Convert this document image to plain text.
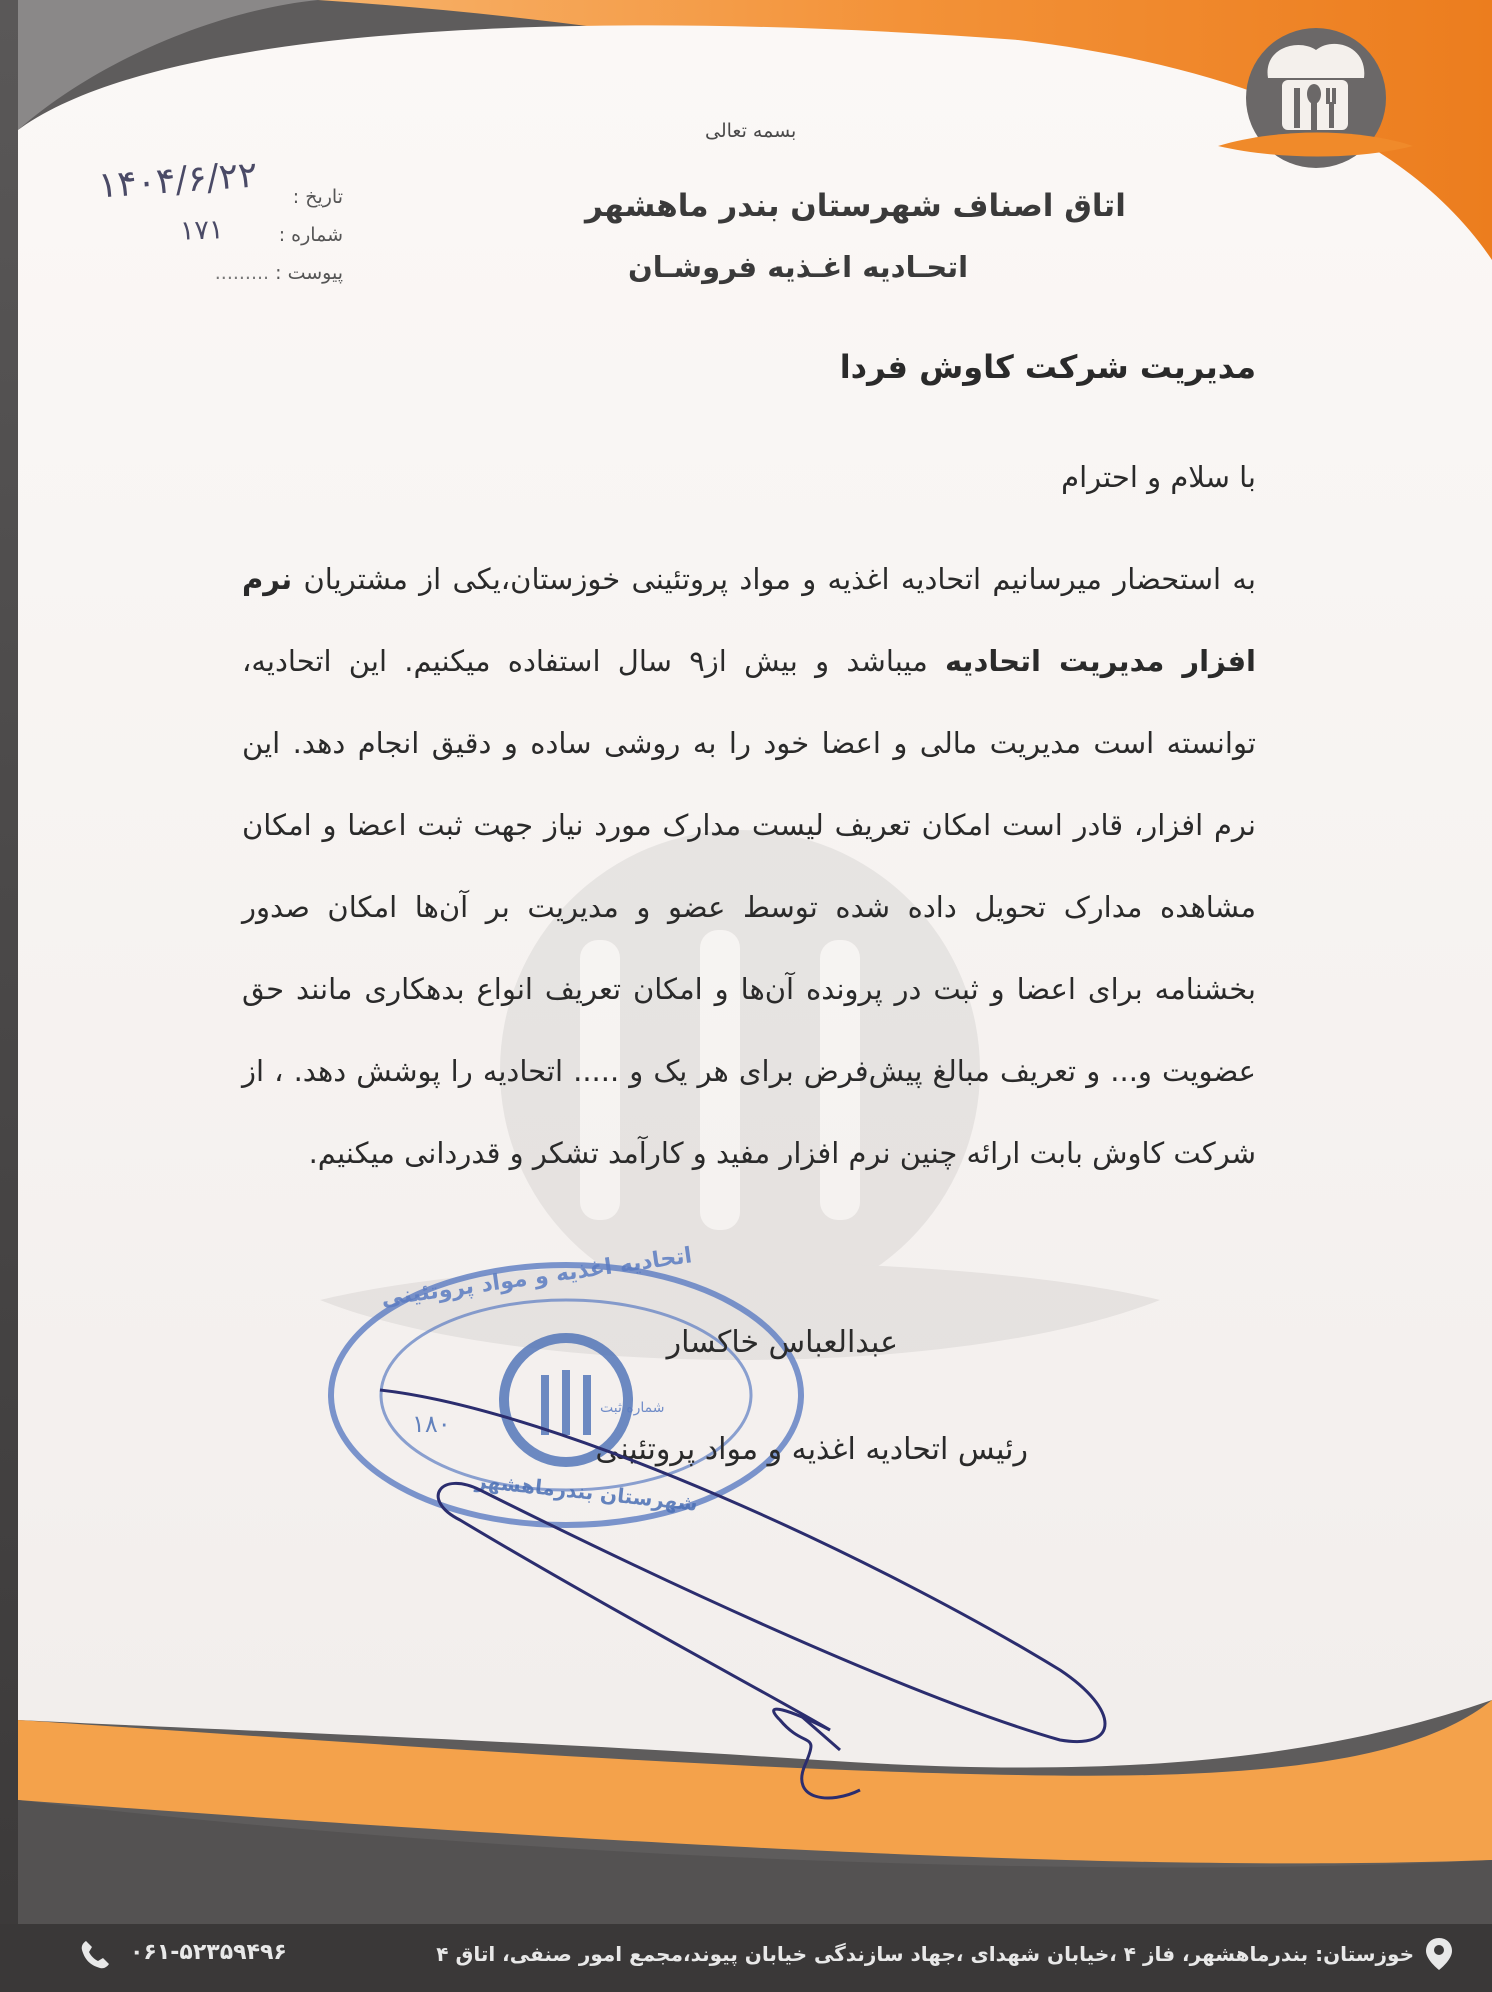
بسمه تعالی
اتاق اصناف شهرستان بندر ماهشهر
اتحـادیه اغـذیه فروشـان
تاریخ :
شماره :
پیوست : .........
۱۴۰۴/۶/۲۲
۱۷۱
مدیریت شرکت کاوش فردا
با سلام و احترام
به استحضار میرسانیم اتحادیه اغذیه و مواد پروتئینی خوزستان،یکی از مشتریان نرم افزار مدیریت اتحادیه میباشد و بیش از۹ سال استفاده میکنیم. این اتحادیه، توانسته است مدیریت مالی و اعضا خود را به روشی ساده و دقیق انجام دهد. این نرم افزار، قادر است امکان تعریف لیست مدارک مورد نیاز جهت ثبت اعضا و امکان مشاهده مدارک تحویل داده شده توسط عضو و مدیریت بر آن‌ها امکان صدور بخشنامه برای اعضا و ثبت در پرونده آن‌ها و امکان تعریف انواع بدهکاری مانند حق عضویت و... و تعریف مبالغ پیش‌فرض برای هر یک و ..... اتحادیه را پوشش دهد. ، از شرکت کاوش بابت ارائه چنین نرم افزار مفید و کارآمد تشکر و قدردانی میکنیم.
اتحادیه اغذیه و مواد پروتئینی
شماره ثبت
۱۸۰
شهرستان بندرماهشهر
عبدالعباس خاکسار
رئیس اتحادیه اغذیه و مواد پروتئینی
خوزستان: بندرماهشهر، فاز ۴ ،خیابان شهدای ،جهاد سازندگی خیابان پیوند،مجمع امور صنفی، اتاق ۴
۰۶۱-۵۲۳۵۹۴۹۶
